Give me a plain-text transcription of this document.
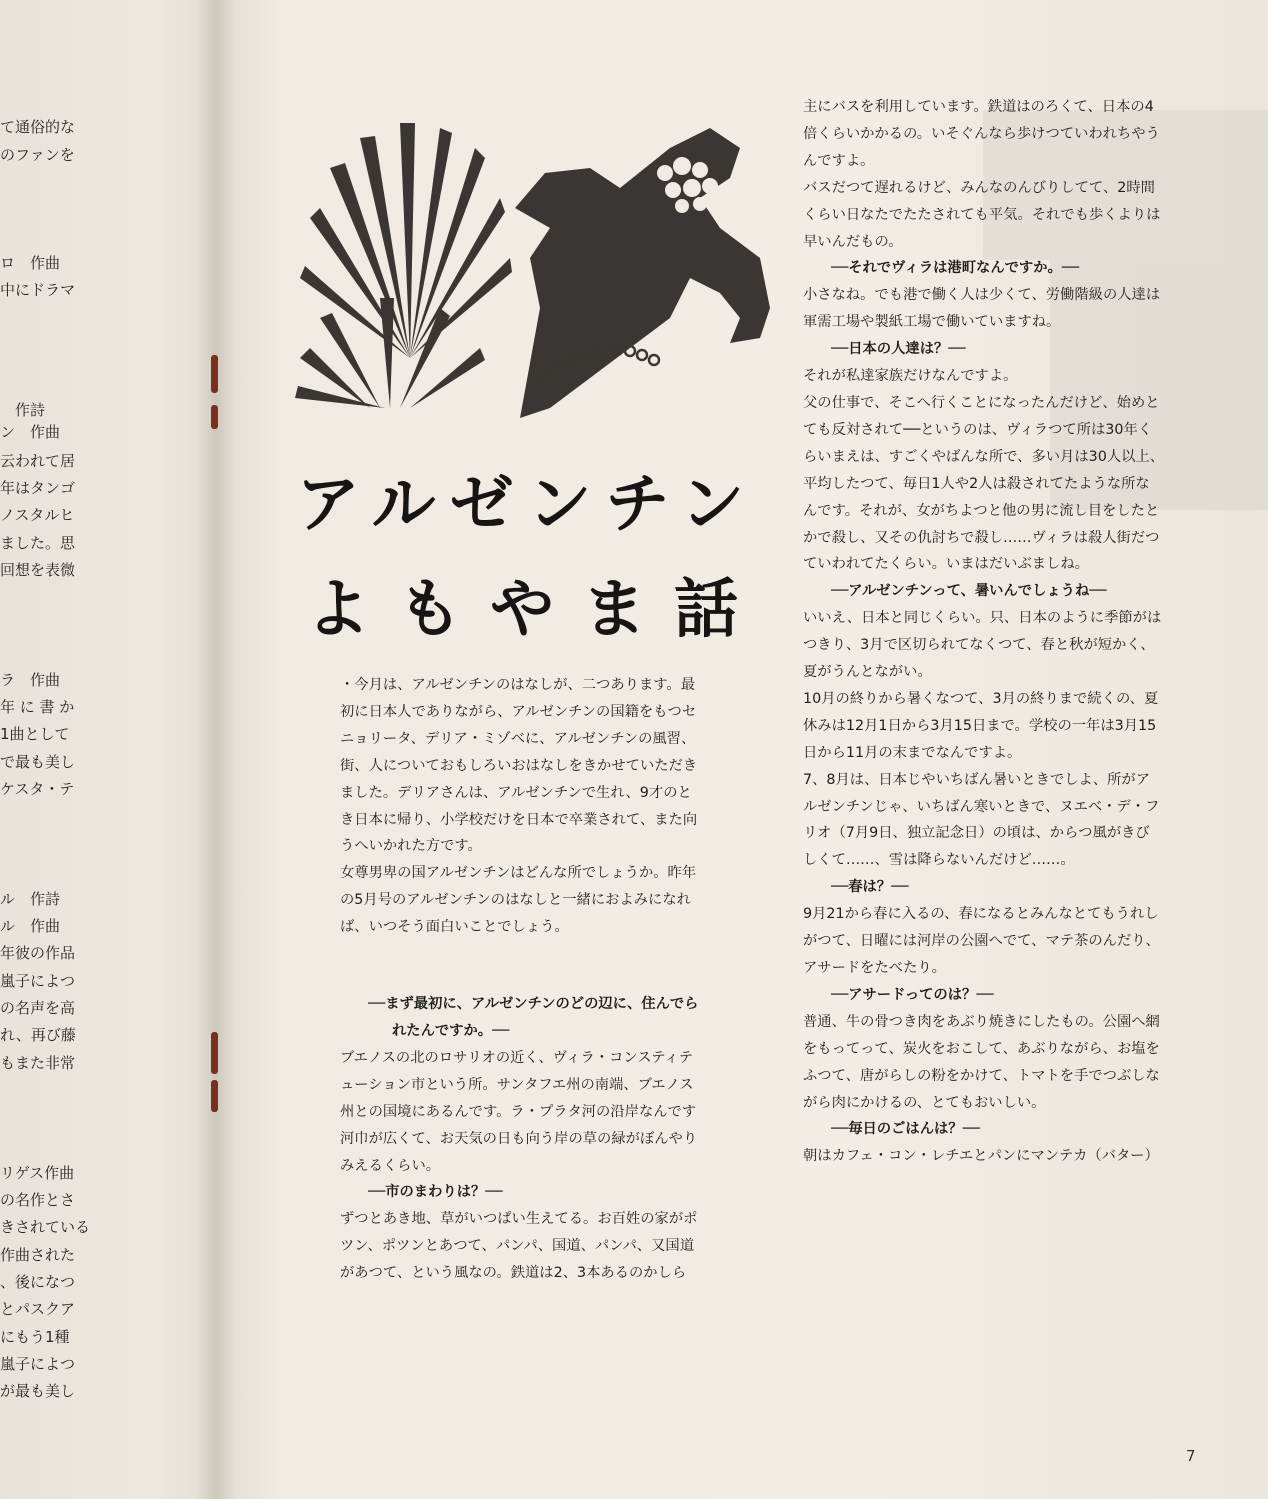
て通俗的な
のファンを
ロ　作曲
中にドラマ
　作詩
ン　作曲
云われて居
年はタンゴ
ノスタルヒ
ました。思
回想を表微
ラ　作曲
年 に 書 か
1曲として
で最も美し
ケスタ・テ
ル　作詩
ル　作曲
年彼の作品
嵐子によつ
の名声を高
れ、再び藤
もまた非常
リゲス作曲
の名作とさ
きされている
作曲された
、後になつ
とパスクア
にもう1種
嵐子によつ
が最も美し
アルゼンチン
よもやま話

・今月は、アルゼンチンのはなしが、二つあります。最

初に日本人でありながら、アルゼンチンの国籍をもつセ

ニョリータ、デリア・ミゾベに、アルゼンチンの風習、

街、人についておもしろいおはなしをきかせていただき

ました。デリアさんは、アルゼンチンで生れ、9才のと

き日本に帰り、小学校だけを日本で卒業されて、また向

うへいかれた方です。

女尊男卑の国アルゼンチンはどんな所でしょうか。昨年

の5月号のアルゼンチンのはなしと一緒におよみになれ

ば、いつそう面白いことでしょう。

──まず最初に、アルゼンチンのどの辺に、住んでら

れたんですか。──

ブエノスの北のロサリオの近く、ヴィラ・コンスティテ

ューション市という所。サンタフエ州の南端、ブエノス

州との国境にあるんです。ラ・プラタ河の沿岸なんです

河巾が広くて、お天気の日も向う岸の草の緑がぼんやり

みえるくらい。

──市のまわりは？──

ずつとあき地、草がいつぱい生えてる。お百姓の家がポ

ツン、ポツンとあつて、パンパ、国道、パンパ、又国道

があつて、という風なの。鉄道は2、3本あるのかしら

主にバスを利用しています。鉄道はのろくて、日本の4

倍くらいかかるの。いそぐんなら歩けつていわれちやう

んですよ。

バスだつて遅れるけど、みんなのんびりしてて、2時間

くらい日なたでたたされても平気。それでも歩くよりは

早いんだもの。

──それでヴィラは港町なんですか。──

小さなね。でも港で働く人は少くて、労働階級の人達は

軍需工場や製紙工場で働いていますね。

──日本の人達は？──

それが私達家族だけなんですよ。

父の仕事で、そこへ行くことになったんだけど、始めと

ても反対されて──というのは、ヴィラつて所は30年く

らいまえは、すごくやばんな所で、多い月は30人以上、

平均したつて、毎日1人や2人は殺されてたような所な

んです。それが、女がちよつと他の男に流し目をしたと

かで殺し、又その仇討ちで殺し……ヴィラは殺人街だつ

ていわれてたくらい。いまはだいぶましね。

──アルゼンチンって、暑いんでしょうね──

いいえ、日本と同じくらい。只、日本のように季節がは

つきり、3月で区切られてなくつて、春と秋が短かく、

夏がうんとながい。

10月の終りから暑くなつて、3月の終りまで続くの、夏

休みは12月1日から3月15日まで。学校の一年は3月15

日から11月の末までなんですよ。

7、8月は、日本じやいちばん暑いときでしよ、所がア

ルゼンチンじゃ、いちばん寒いときで、ヌエベ・デ・フ

リオ（7月9日、独立記念日）の頃は、からつ風がきび

しくて……、雪は降らないんだけど……。

──春は？──

9月21から春に入るの、春になるとみんなとてもうれし

がつて、日曜には河岸の公園へでて、マテ茶のんだり、

アサードをたべたり。

──アサードってのは？──

普通、牛の骨つき肉をあぶり焼きにしたもの。公園へ網

をもってって、炭火をおこして、あぶりながら、お塩を

ふつて、唐がらしの粉をかけて、トマトを手でつぶしな

がら肉にかけるの、とてもおいしい。

──毎日のごはんは？──

朝はカフェ・コン・レチエとパンにマンテカ（バター）

7
